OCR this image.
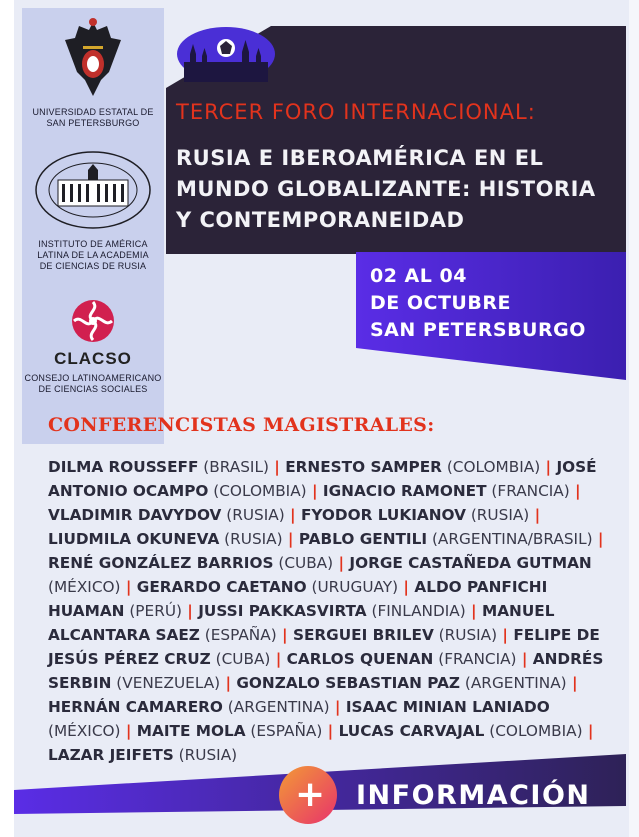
UNIVERSIDAD ESTATAL DE SAN PETERSBURGO
INSTITUTO DE AMÉRICA LATINA DE LA ACADEMIA DE CIENCIAS DE RUSIA
CLACSO
CONSEJO LATINOAMERICANO DE CIENCIAS SOCIALES
TERCER FORO INTERNACIONAL:
RUSIA E IBEROAMÉRICA EN EL MUNDO GLOBALIZANTE: HISTORIA Y CONTEMPORANEIDAD
02 AL 04
DE OCTUBRE
SAN PETERSBURGO
CONFERENCISTAS MAGISTRALES:
DILMA ROUSSEFF (BRASIL) | ERNESTO SAMPER (COLOMBIA) | JOSÉ ANTONIO OCAMPO (COLOMBIA) | IGNACIO RAMONET (FRANCIA) | VLADIMIR DAVYDOV (RUSIA) | FYODOR LUKIANOV (RUSIA) | LIUDMILA OKUNEVA (RUSIA) | PABLO GENTILI (ARGENTINA/BRASIL) | RENÉ GONZÁLEZ BARRIOS (CUBA) | JORGE CASTAÑEDA GUTMAN (MÉXICO) | GERARDO CAETANO (URUGUAY) | ALDO PANFICHI HUAMAN (PERÚ) | JUSSI PAKKASVIRTA (FINLANDIA) | MANUEL ALCANTARA SAEZ (ESPAÑA) | SERGUEI BRILEV (RUSIA) | FELIPE DE JESÚS PÉREZ CRUZ (CUBA) | CARLOS QUENAN (FRANCIA) | ANDRÉS SERBIN (VENEZUELA) | GONZALO SEBASTIAN PAZ (ARGENTINA) | HERNÁN CAMARERO (ARGENTINA) | ISAAC MINIAN LANIADO (MÉXICO) | MAITE MOLA (ESPAÑA) | LUCAS CARVAJAL (COLOMBIA) | LAZAR JEIFETS (RUSIA)
+ INFORMACIÓN
